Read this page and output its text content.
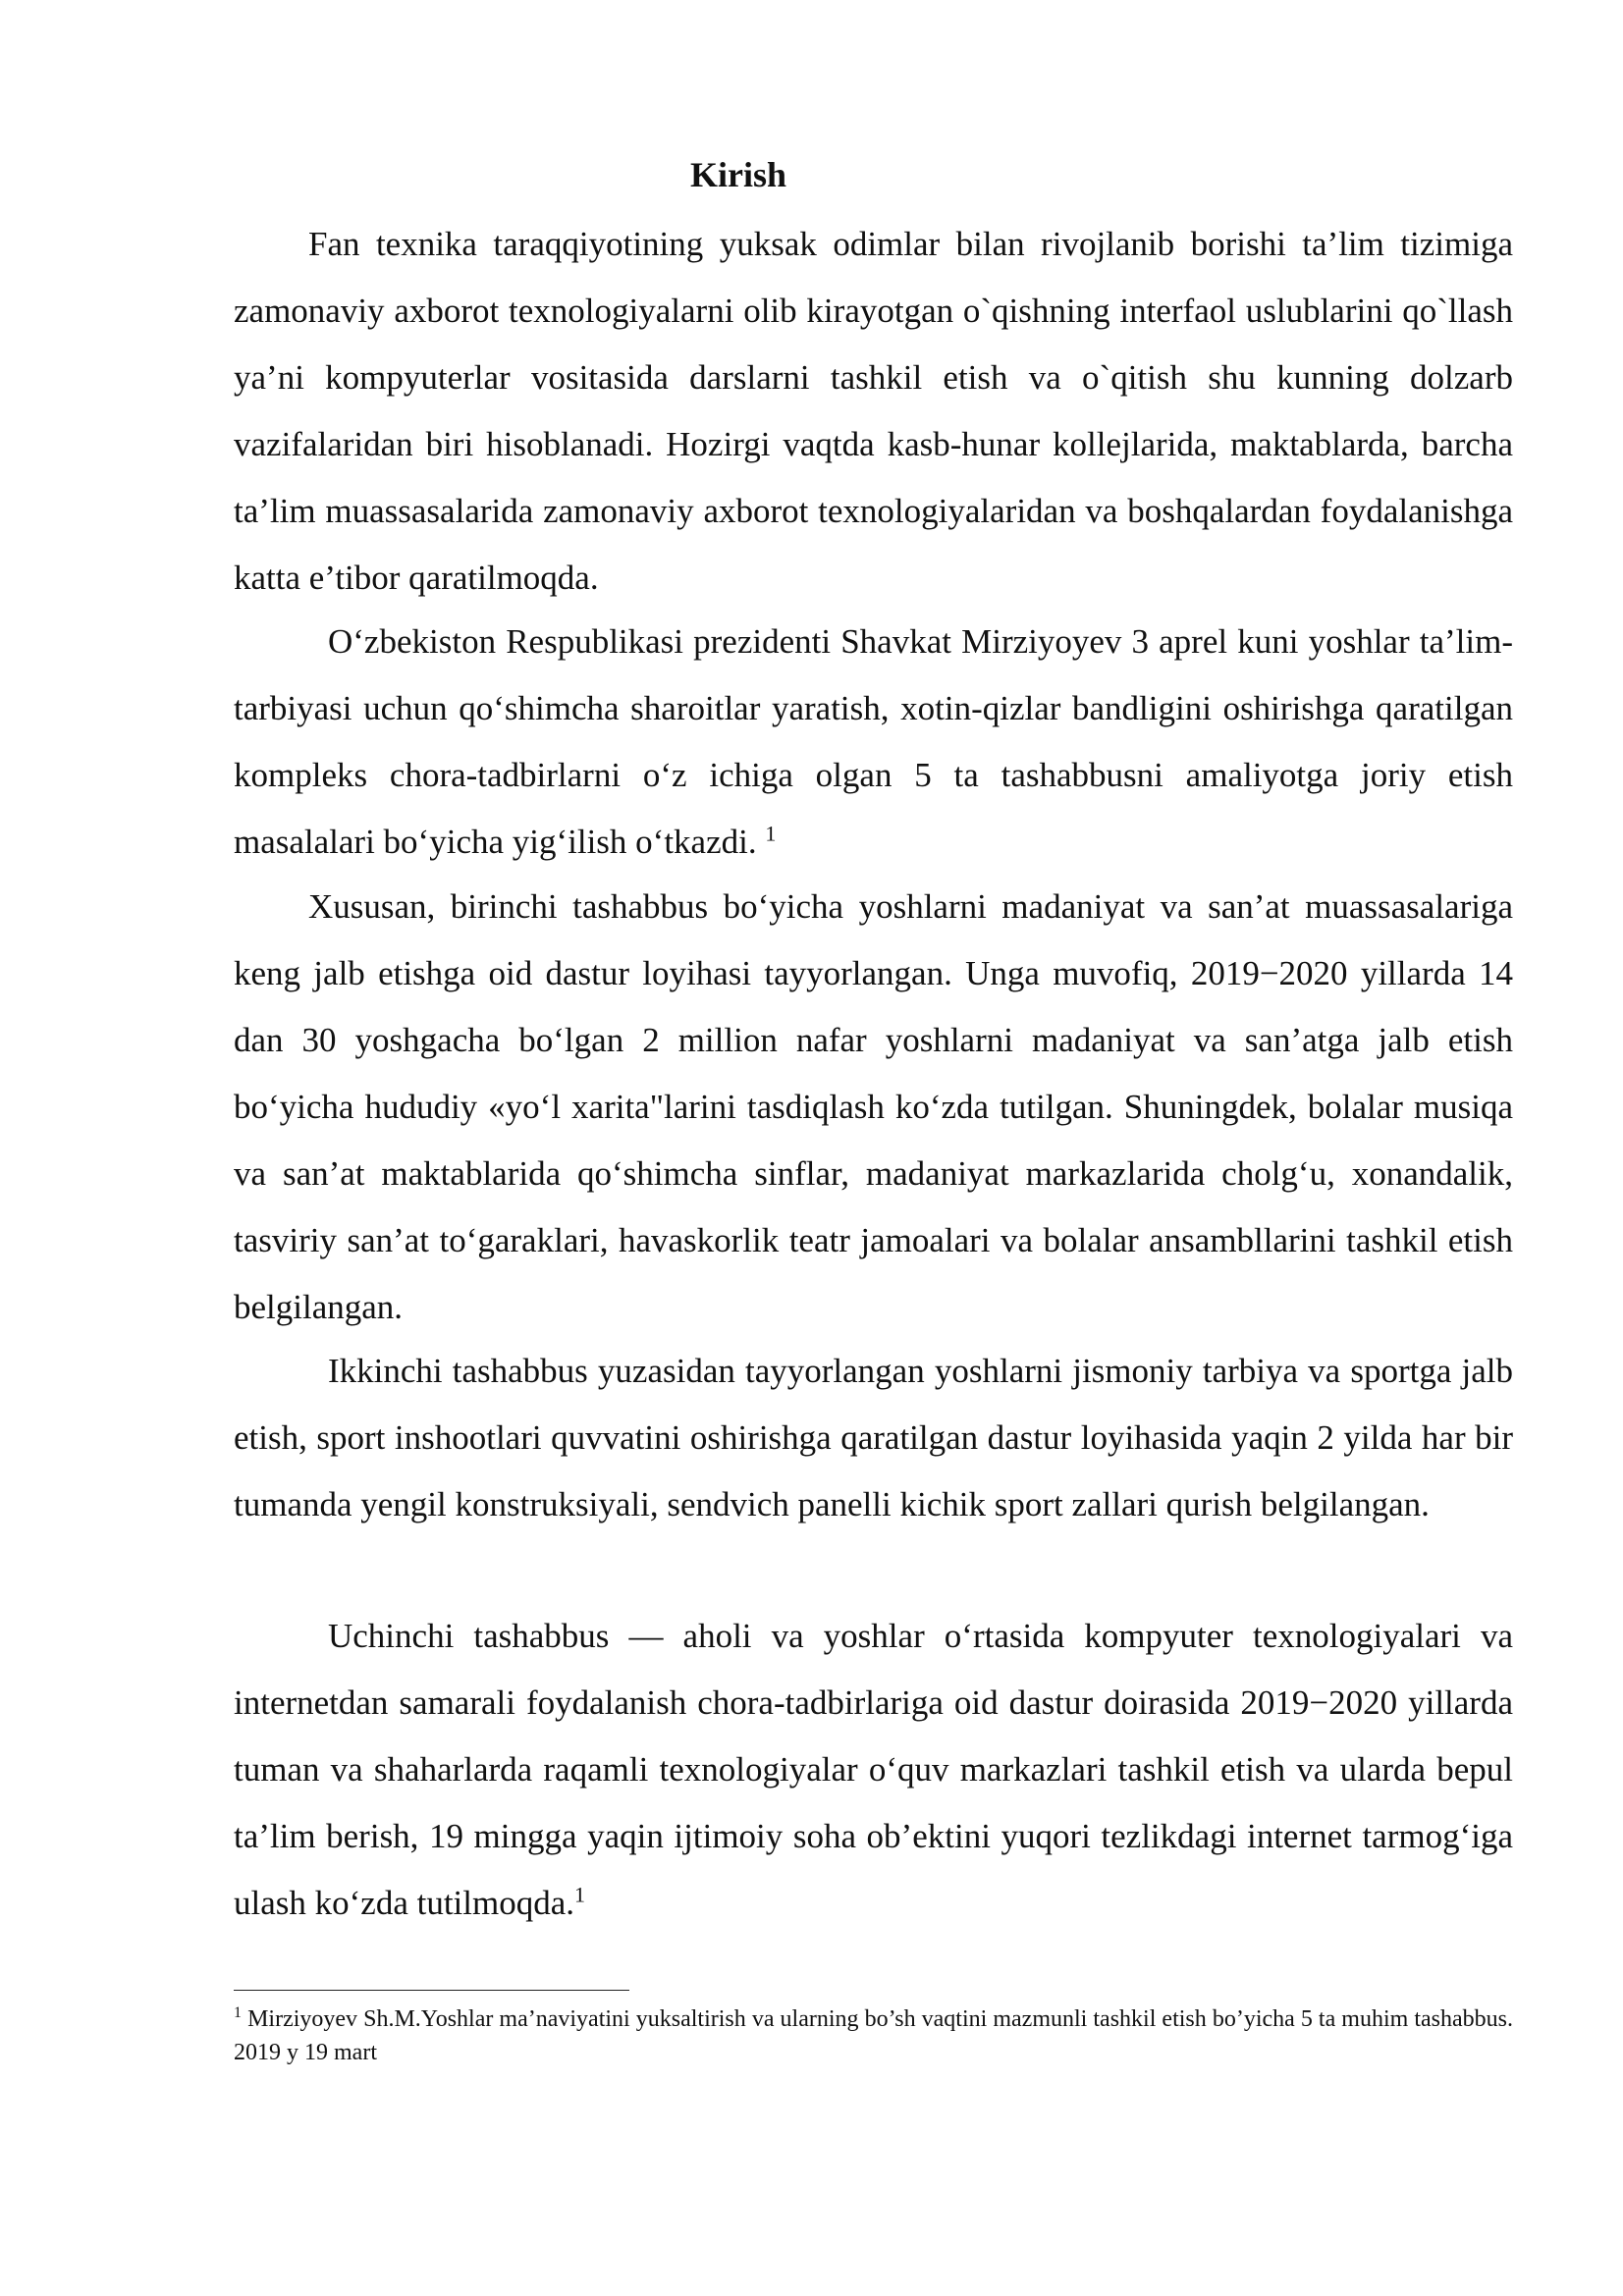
Kirish

Fan texnika taraqqiyotining yuksak odimlar bilan rivojlanib borishi ta’lim tizimiga zamonaviy axborot texnologiyalarni olib kirayotgan o`qishning interfaol uslublarini qo`llash ya’ni kompyuterlar vositasida darslarni tashkil etish va o`qitish shu kunning dolzarb vazifalaridan biri hisoblanadi. Hozirgi vaqtda kasb-hunar kollejlarida, maktablarda, barcha ta’lim muassasalarida zamonaviy axborot texnologiyalaridan va boshqalardan foydalanishga katta e’tibor qaratilmoqda.

O‘zbekiston Respublikasi prezidenti Shavkat Mirziyoyev 3 aprel kuni yoshlar ta’lim-tarbiyasi uchun qo‘shimcha sharoitlar yaratish, xotin-qizlar bandligini oshirishga qaratilgan kompleks chora-tadbirlarni o‘z ichiga olgan 5 ta tashabbusni amaliyotga joriy etish masalalari bo‘yicha yig‘ilish o‘tkazdi. $^1$

Xususan, birinchi tashabbus bo‘yicha yoshlarni madaniyat va san’at muassasalariga keng jalb etishga oid dastur loyihasi tayyorlangan. Unga muvofiq, 2019−2020 yillarda 14 dan 30 yoshgacha bo‘lgan 2 million nafar yoshlarni madaniyat va san’atga jalb etish bo‘yicha hududiy «yo‘l xarita"larini tasdiqlash ko‘zda tutilgan. Shuningdek, bolalar musiqa va san’at maktablarida qo‘shimcha sinflar, madaniyat markazlarida cholg‘u, xonandalik, tasviriy san’at to‘garaklari, havaskorlik teatr jamoalari va bolalar ansambllarini tashkil etish belgilangan.

Ikkinchi tashabbus yuzasidan tayyorlangan yoshlarni jismoniy tarbiya va sportga jalb etish, sport inshootlari quvvatini oshirishga qaratilgan dastur loyihasida yaqin 2 yilda har bir tumanda yengil konstruksiyali, sendvich panelli kichik sport zallari qurish belgilangan.

Uchinchi tashabbus — aholi va yoshlar o‘rtasida kompyuter texnologiyalari va internetdan samarali foydalanish chora-tadbirlariga oid dastur doirasida 2019−2020 yillarda tuman va shaharlarda raqamli texnologiyalar o‘quv markazlari tashkil etish va ularda bepul ta’lim berish, 19 mingga yaqin ijtimoiy soha ob’ektini yuqori tezlikdagi internet tarmog‘iga ulash ko‘zda tutilmoqda.$^1$

$^1$ Mirziyoyev Sh.M.Yoshlar ma’naviyatini yuksaltirish va ularning bo’sh vaqtini mazmunli tashkil etish bo’yicha 5 ta muhim tashabbus. 2019 y 19 mart
